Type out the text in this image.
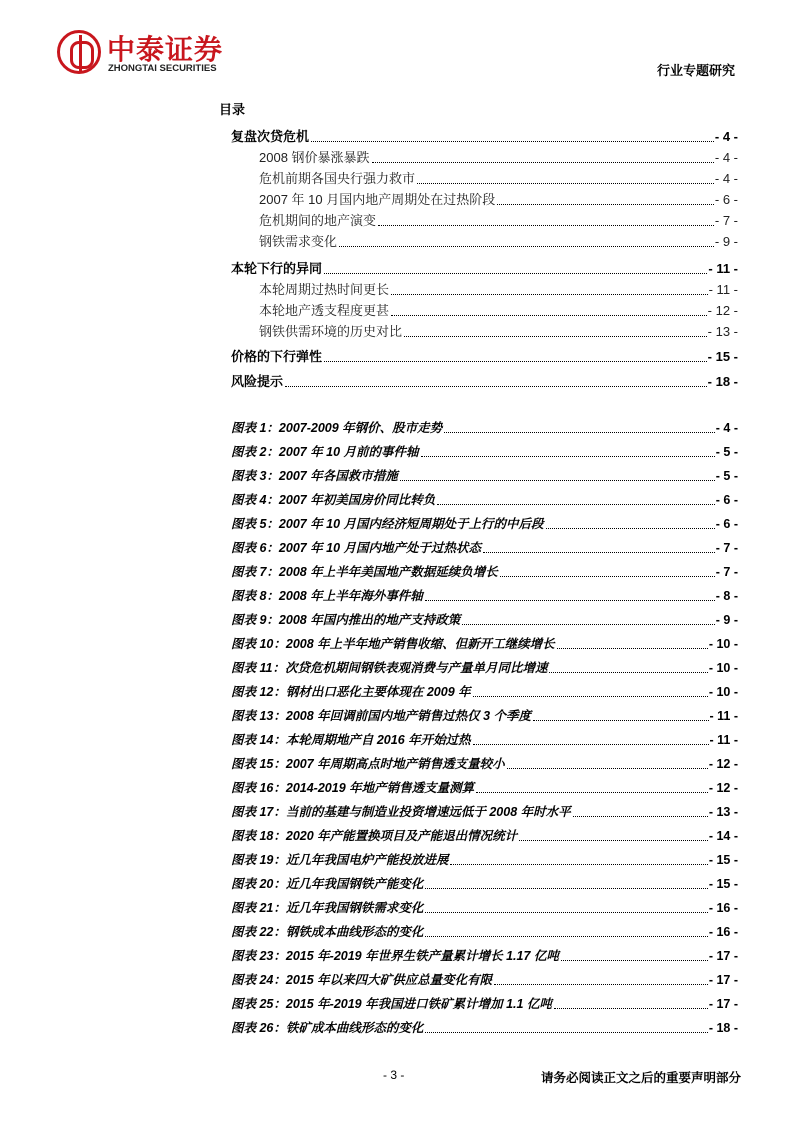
中泰证券
ZHONGTAI SECURITIES	行业专题研究
目录
复盘次贷危机	- 4 -
2008 钢价暴涨暴跌	- 4 -
危机前期各国央行强力救市	- 4 -
2007 年 10 月国内地产周期处在过热阶段	- 6 -
危机期间的地产演变	- 7 -
钢铁需求变化	- 9 -
本轮下行的异同	- 11 -
本轮周期过热时间更长	- 11 -
本轮地产透支程度更甚	- 12 -
钢铁供需环境的历史对比	- 13 -
价格的下行弹性	- 15 -
风险提示	- 18 -
图表 1：2007-2009 年钢价、股市走势	- 4 -
图表 2：2007 年 10 月前的事件轴	- 5 -
图表 3：2007 年各国救市措施	- 5 -
图表 4：2007 年初美国房价同比转负	- 6 -
图表 5：2007 年 10 月国内经济短周期处于上行的中后段	- 6 -
图表 6：2007 年 10 月国内地产处于过热状态	- 7 -
图表 7：2008 年上半年美国地产数据延续负增长	- 7 -
图表 8：2008 年上半年海外事件轴	- 8 -
图表 9：2008 年国内推出的地产支持政策	- 9 -
图表 10：2008 年上半年地产销售收缩、但新开工继续增长	- 10 -
图表 11：次贷危机期间钢铁表观消费与产量单月同比增速	- 10 -
图表 12：钢材出口恶化主要体现在 2009 年	- 10 -
图表 13：2008 年回调前国内地产销售过热仅 3 个季度	- 11 -
图表 14：本轮周期地产自 2016 年开始过热	- 11 -
图表 15：2007 年周期高点时地产销售透支量较小	- 12 -
图表 16：2014-2019 年地产销售透支量测算	- 12 -
图表 17：当前的基建与制造业投资增速远低于 2008 年时水平	- 13 -
图表 18：2020 年产能置换项目及产能退出情况统计	- 14 -
图表 19：近几年我国电炉产能投放进展	- 15 -
图表 20：近几年我国钢铁产能变化	- 15 -
图表 21：近几年我国钢铁需求变化	- 16 -
图表 22：钢铁成本曲线形态的变化	- 16 -
图表 23：2015 年-2019 年世界生铁产量累计增长 1.17 亿吨	- 17 -
图表 24：2015 年以来四大矿供应总量变化有限	- 17 -
图表 25：2015 年-2019 年我国进口铁矿累计增加 1.1 亿吨	- 17 -
图表 26：铁矿成本曲线形态的变化	- 18 -
- 3 -	请务必阅读正文之后的重要声明部分
